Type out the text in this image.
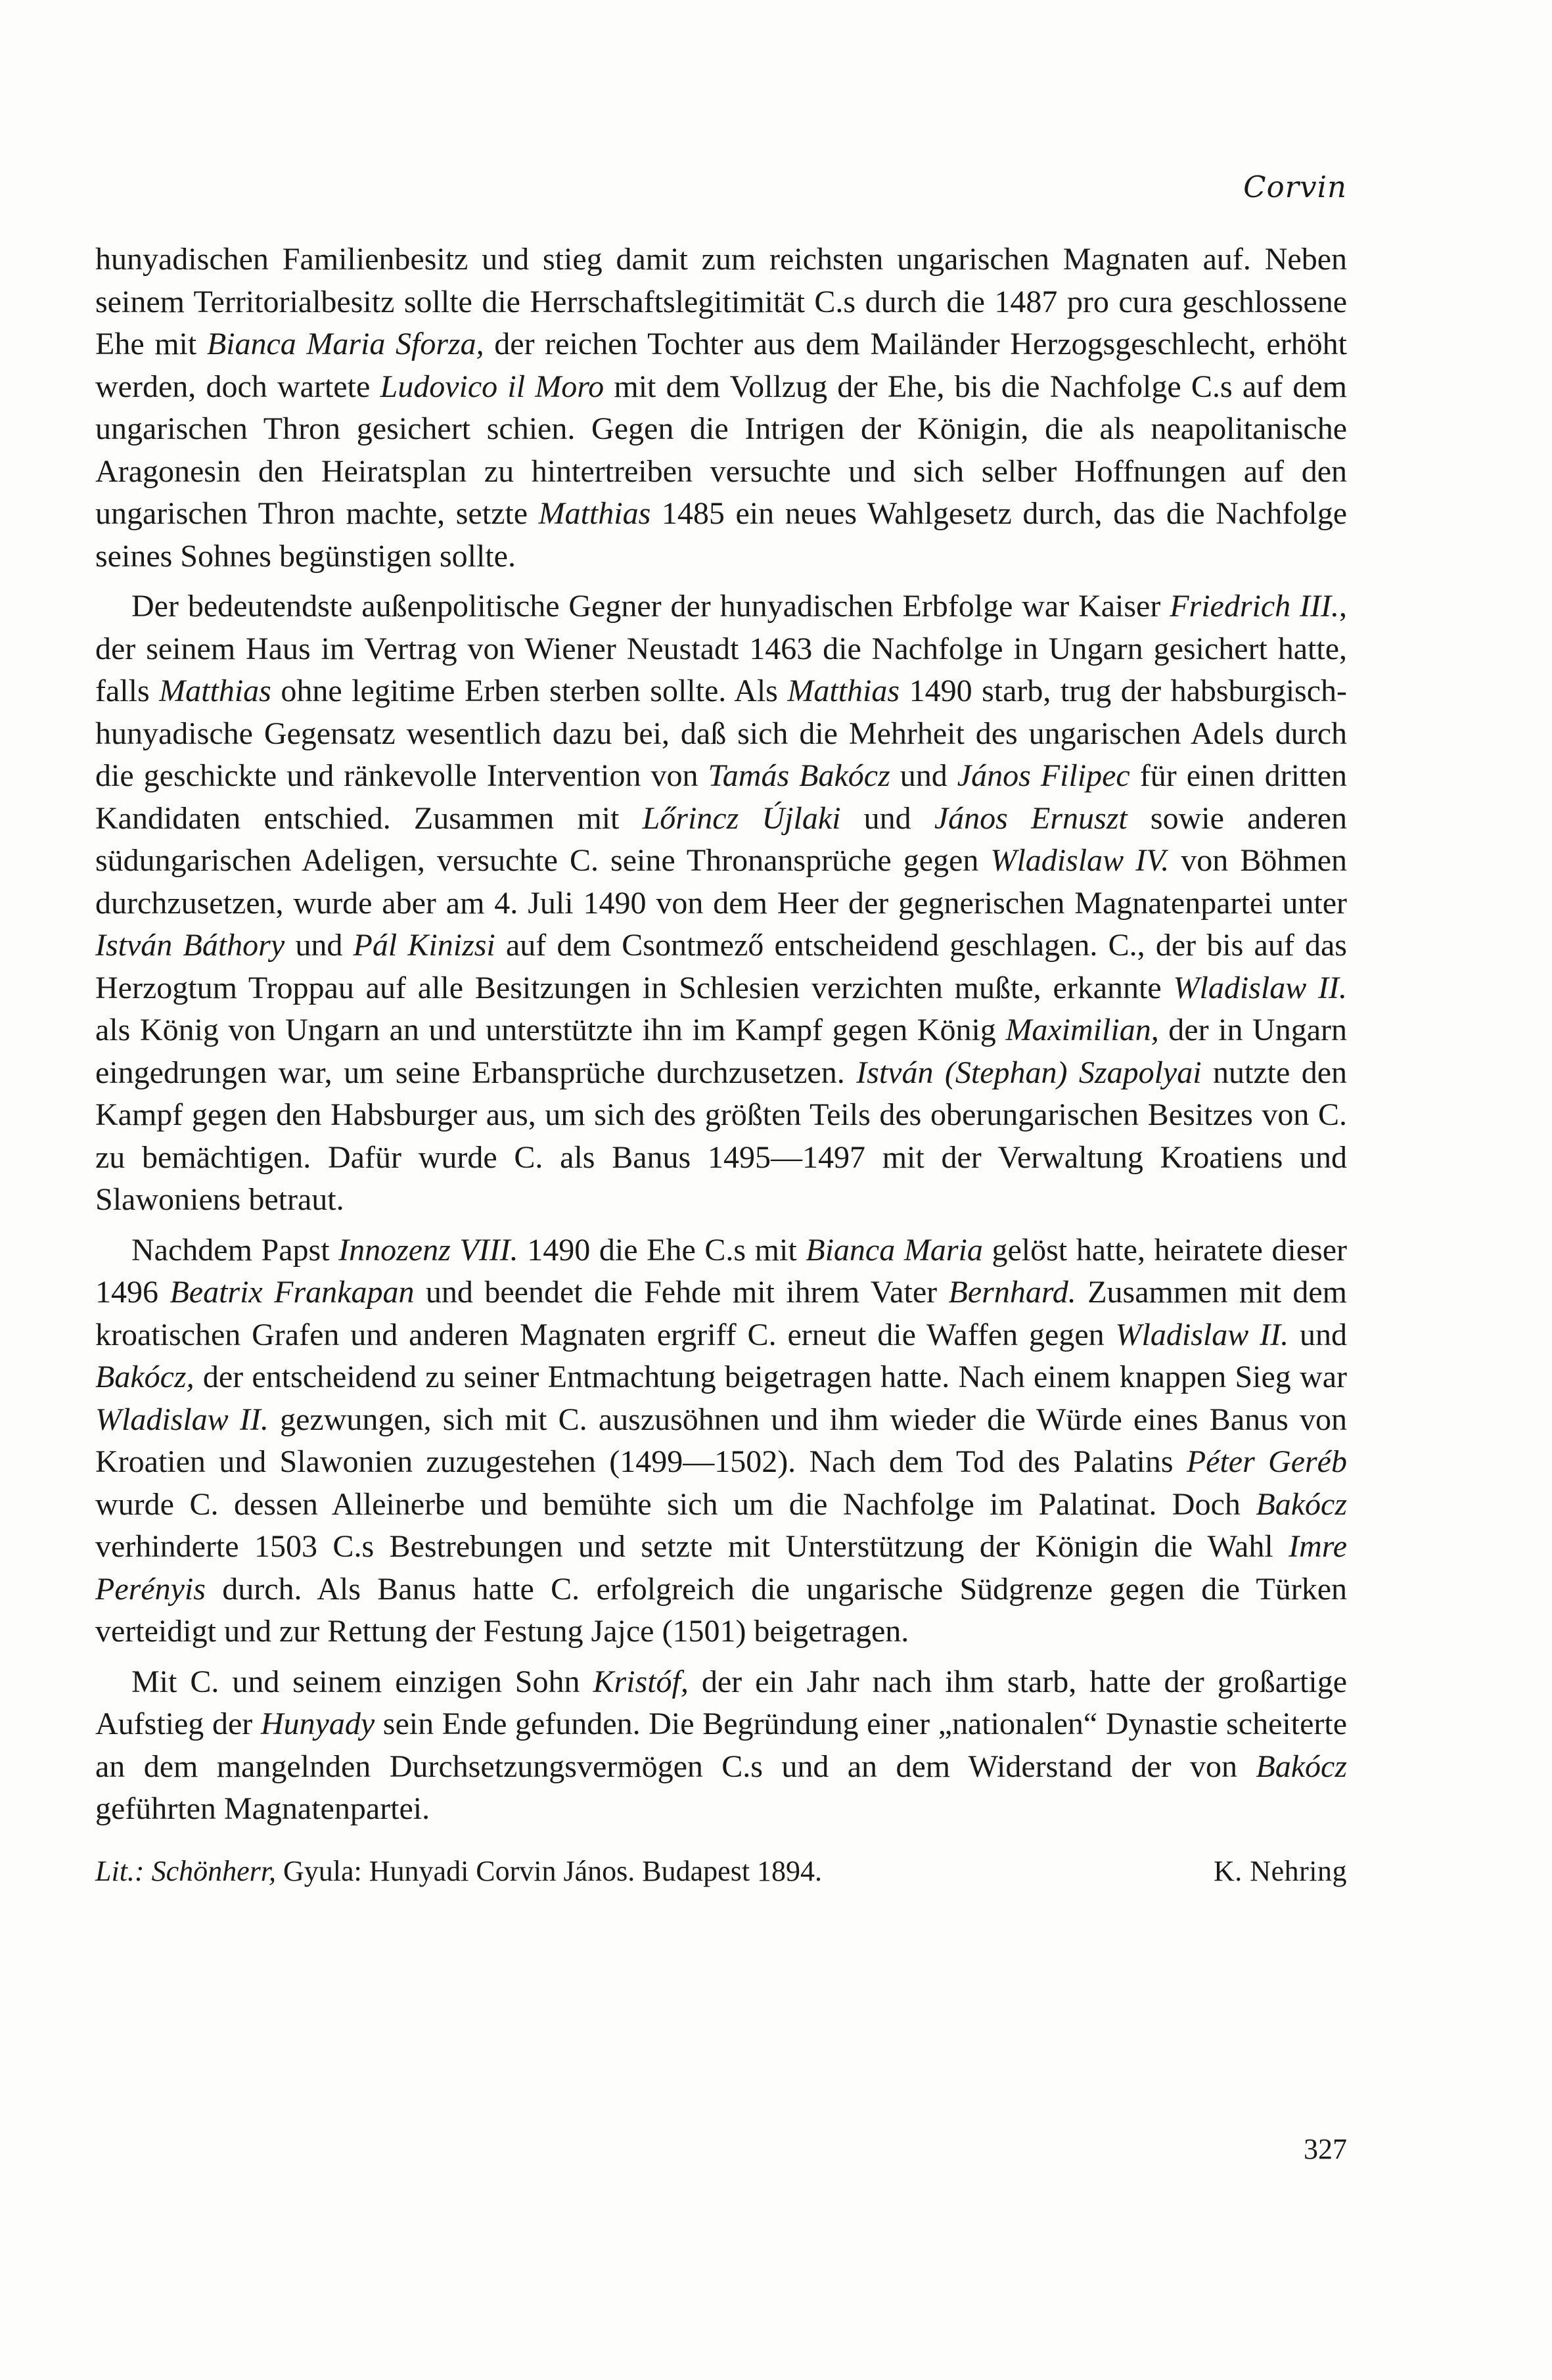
Corvin

hunyadischen Familienbesitz und stieg damit zum reichsten ungarischen Magnaten auf. Neben seinem Territorialbesitz sollte die Herrschaftslegitimität C.s durch die 1487 pro cura geschlossene Ehe mit Bianca Maria Sforza, der reichen Tochter aus dem Mailänder Herzogsgeschlecht, erhöht werden, doch wartete Ludovico il Moro mit dem Vollzug der Ehe, bis die Nachfolge C.s auf dem ungarischen Thron gesichert schien. Gegen die Intrigen der Königin, die als neapolitanische Aragonesin den Heiratsplan zu hintertreiben versuchte und sich selber Hoffnungen auf den ungarischen Thron machte, setzte Matthias 1485 ein neues Wahlgesetz durch, das die Nachfolge seines Sohnes begünstigen sollte.

Der bedeutendste außenpolitische Gegner der hunyadischen Erbfolge war Kaiser Friedrich III., der seinem Haus im Vertrag von Wiener Neustadt 1463 die Nachfolge in Ungarn gesichert hatte, falls Matthias ohne legitime Erben sterben sollte. Als Matthias 1490 starb, trug der habsburgisch-hunyadische Gegensatz wesentlich dazu bei, daß sich die Mehrheit des ungarischen Adels durch die geschickte und ränkevolle Intervention von Tamás Bakócz und János Filipec für einen dritten Kandidaten entschied. Zusammen mit Lőrincz Újlaki und János Ernuszt sowie anderen südungarischen Adeligen, versuchte C. seine Thronansprüche gegen Wladislaw IV. von Böhmen durchzusetzen, wurde aber am 4. Juli 1490 von dem Heer der gegnerischen Magnatenpartei unter István Báthory und Pál Kinizsi auf dem Csontmező entscheidend geschlagen. C., der bis auf das Herzogtum Troppau auf alle Besitzungen in Schlesien verzichten mußte, erkannte Wladislaw II. als König von Ungarn an und unterstützte ihn im Kampf gegen König Maximilian, der in Ungarn eingedrungen war, um seine Erbansprüche durchzusetzen. István (Stephan) Szapolyai nutzte den Kampf gegen den Habsburger aus, um sich des größten Teils des oberungarischen Besitzes von C. zu bemächtigen. Dafür wurde C. als Banus 1495—1497 mit der Verwaltung Kroatiens und Slawoniens betraut.

Nachdem Papst Innozenz VIII. 1490 die Ehe C.s mit Bianca Maria gelöst hatte, heiratete dieser 1496 Beatrix Frankapan und beendet die Fehde mit ihrem Vater Bernhard. Zusammen mit dem kroatischen Grafen und anderen Magnaten ergriff C. erneut die Waffen gegen Wladislaw II. und Bakócz, der entscheidend zu seiner Entmachtung beigetragen hatte. Nach einem knappen Sieg war Wladislaw II. gezwungen, sich mit C. auszusöhnen und ihm wieder die Würde eines Banus von Kroatien und Slawonien zuzugestehen (1499—1502). Nach dem Tod des Palatins Péter Geréb wurde C. dessen Alleinerbe und bemühte sich um die Nachfolge im Palatinat. Doch Bakócz verhinderte 1503 C.s Bestrebungen und setzte mit Unterstützung der Königin die Wahl Imre Perényis durch. Als Banus hatte C. erfolgreich die ungarische Südgrenze gegen die Türken verteidigt und zur Rettung der Festung Jajce (1501) beigetragen.

Mit C. und seinem einzigen Sohn Kristóf, der ein Jahr nach ihm starb, hatte der großartige Aufstieg der Hunyady sein Ende gefunden. Die Begründung einer „nationalen“ Dynastie scheiterte an dem mangelnden Durchsetzungsvermögen C.s und an dem Widerstand der von Bakócz geführten Magnatenpartei.

Lit.: Schönherr, Gyula: Hunyadi Corvin János. Budapest 1894.	K. Nehring
327
